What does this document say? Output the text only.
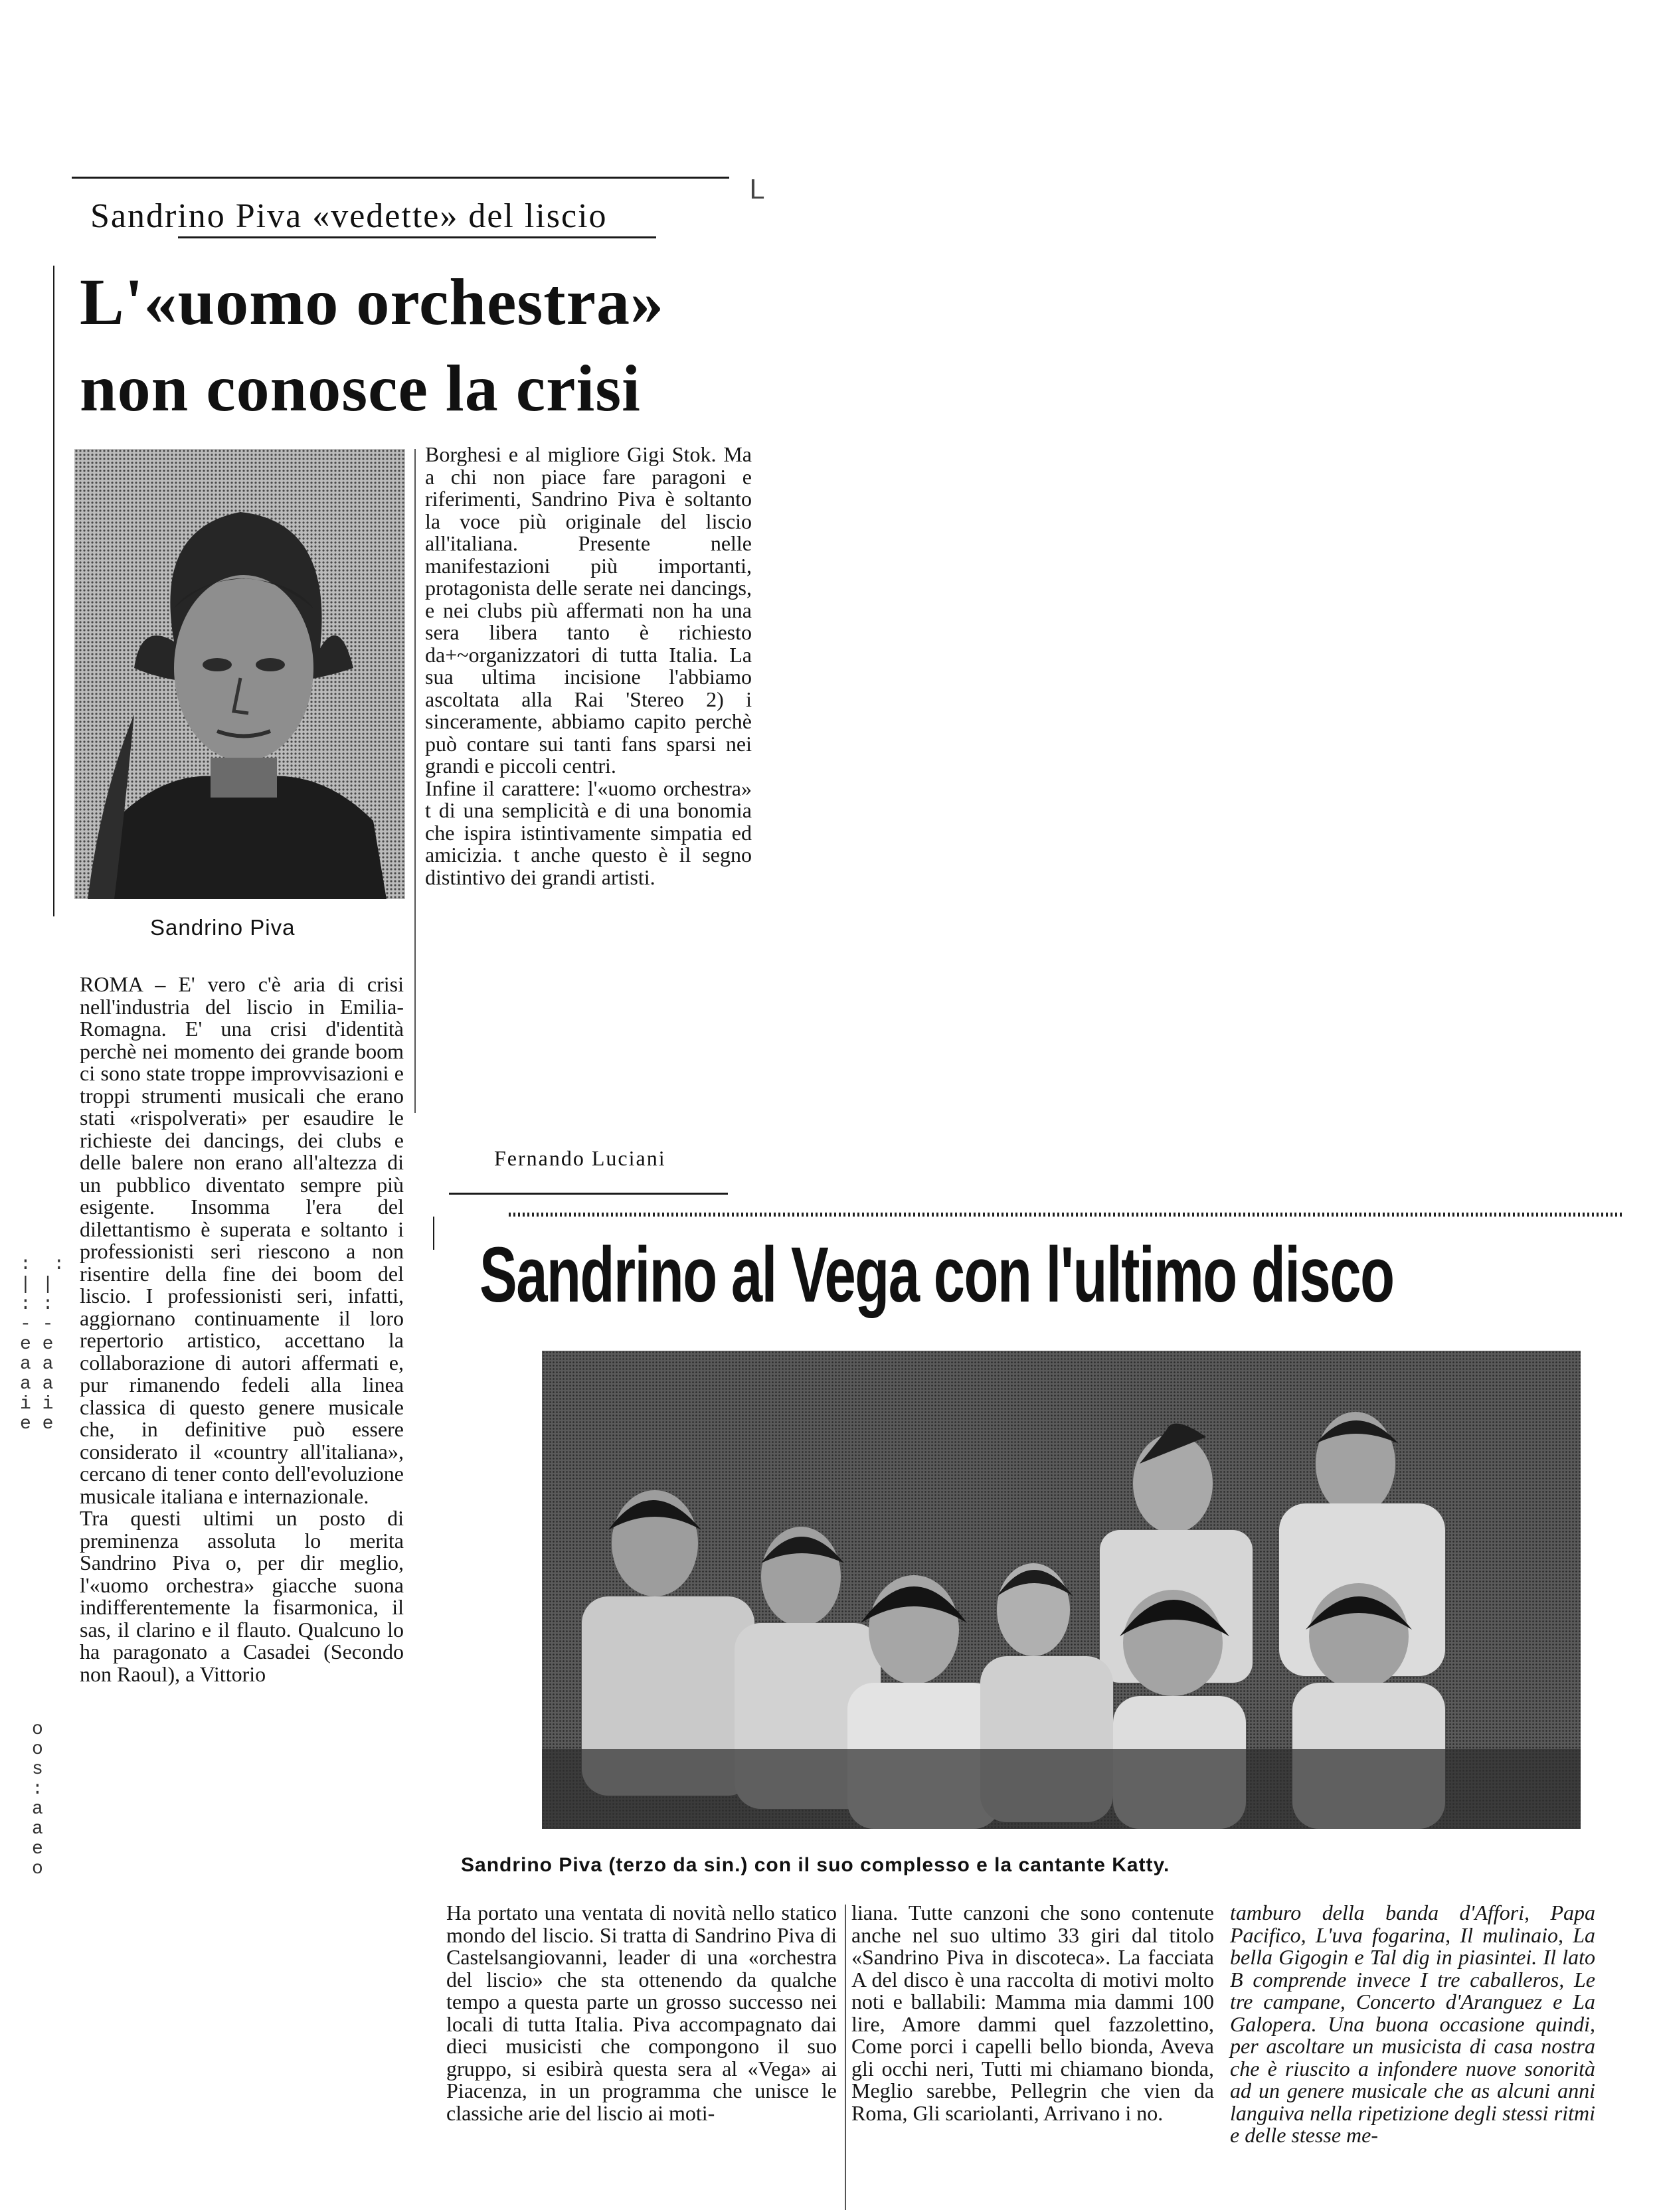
ᒪ
Sandrino Piva «vedette» del liscio
L'«uomo orchestra»
non conosce la crisi
Sandrino Piva

ROMA – E' vero c'è aria di crisi nell'industria del liscio in Emilia-Romagna. E' una crisi d'identità perchè nei momento dei grande boom ci sono state troppe improvvisazioni e troppi strumenti musicali che erano stati «rispolverati» per esaudire le richieste dei dancings, dei clubs e delle balere non erano all'altezza di un pubblico diventato sempre più esigente. Insomma l'era del dilettantismo è superata e soltanto i professionisti seri riescono a non risentire della fine dei boom del liscio. I professionisti seri, infatti, aggiornano continuamente il loro repertorio artistico, accettano la collaborazione di autori affermati e, pur rimanendo fedeli alla linea classica di questo genere musicale che, in definitive può essere considerato il «country all'italiana», cercano di tener conto dell'evoluzione musicale italiana e internazionale.
Tra questi ultimi un posto di preminenza assoluta lo merita Sandrino Piva o, per dir meglio, l'«uomo orchestra» giacche suona indifferentemente la fisarmonica, il sas, il clarino e il flauto. Qualcuno lo ha paragonato a Casadei (Secondo non Raoul), a Vittorio

Borghesi e al migliore Gigi Stok. Ma a chi non piace fare paragoni e riferimenti, Sandrino Piva è soltanto la voce più originale del liscio all'italiana. Presente nelle manifestazioni più importanti, protagonista delle serate nei dancings, e nei clubs più affermati non ha una sera libera tanto è richiesto da+~organizzatori di tutta Italia. La sua ultima incisione l'abbiamo ascoltata alla Rai 'Stereo 2) i sinceramente, abbiamo capito perchè può contare sui tanti fans sparsi nei grandi e piccoli centri.
Infine il carattere: l'«uomo orchestra» t di una semplicità e di una bonomia che ispira istintivamente simpatia ed amicizia. t anche questo è il segno distintivo dei grandi artisti.

Fernando Luciani
:  :
| |
: :
- -
e e
a a
a a
i i
e e
o
o
s
:
a
a
e
o
Sandrino al Vega con l'ultimo disco
Sandrino Piva (terzo da sin.) con il suo complesso e la cantante Katty.

Ha portato una ventata di novità nello statico mondo del liscio. Si tratta di Sandrino Piva di Castelsangiovanni, leader di una «orchestra del liscio» che sta ottenendo da qualche tempo a questa parte un grosso successo nei locali di tutta Italia. Piva accompagnato dai dieci musicisti che compongono il suo gruppo, si esibirà questa sera al «Vega» ai Piacenza, in un programma che unisce le classiche arie del liscio ai moti-

liana. Tutte canzoni che sono contenute anche nel suo ultimo 33 giri dal titolo «Sandrino Piva in discoteca». La facciata A del disco è una raccolta di motivi molto noti e ballabili: Mamma mia dammi 100 lire, Amore dammi quel fazzolettino, Come porci i capelli bello bionda, Aveva gli occhi neri, Tutti mi chiamano bionda, Meglio sarebbe, Pellegrin che vien da Roma, Gli scariolanti, Arrivano i no.

tamburo della banda d'Affori, Papa Pacifico, L'uva fogarina, Il mulinaio, La bella Gigogin e Tal dig in piasintei. Il lato B comprende invece I tre caballeros, Le tre campane, Concerto d'Aranguez e La Galopera. Una buona occasione quindi, per ascoltare un musicista di casa nostra che è riuscito a infondere nuove sonorità ad un genere musicale che as alcuni anni languiva nella ripetizione degli stessi ritmi e delle stesse me-
